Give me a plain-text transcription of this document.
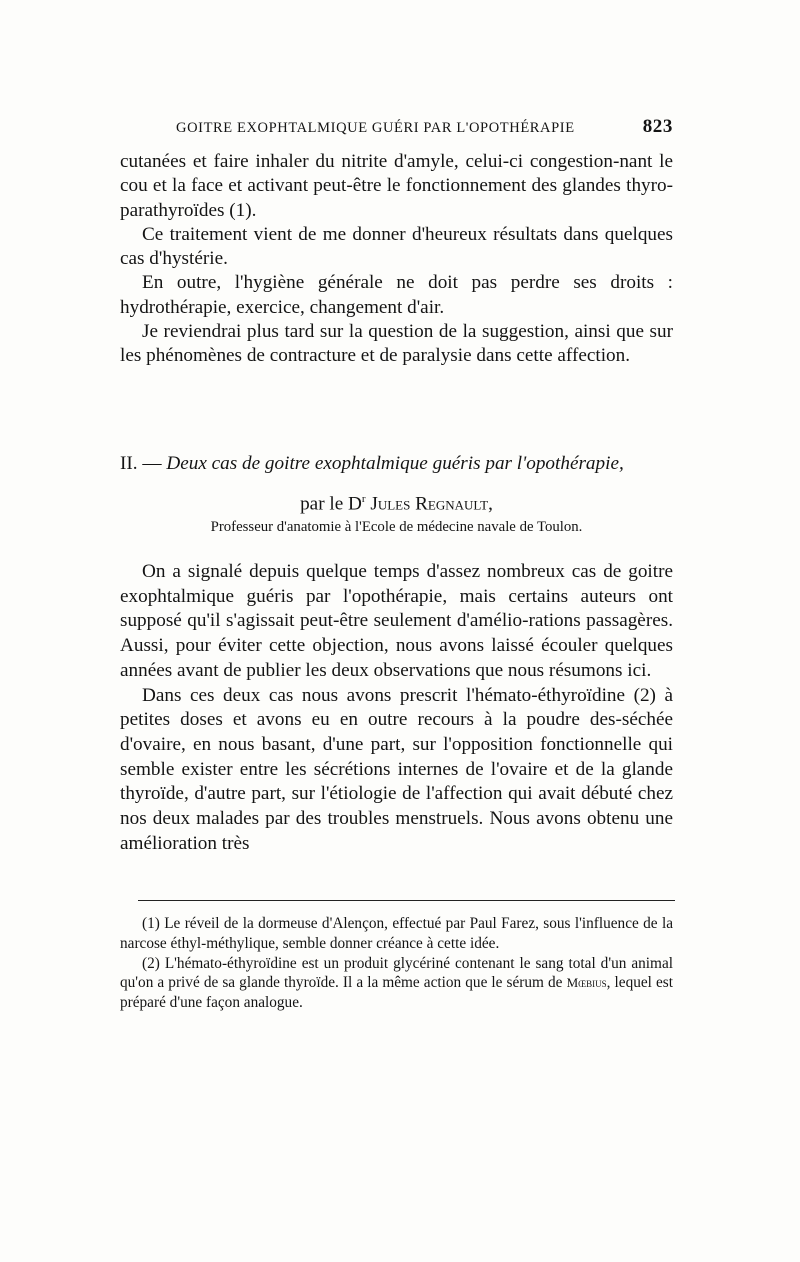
GOITRE EXOPHTALMIQUE GUÉRI PAR L'OPOTHÉRAPIE	823

cutanées et faire inhaler du nitrite d'amyle, celui-ci congestion-nant le cou et la face et activant peut-être le fonctionnement des glandes thyro-parathyroïdes (1).

Ce traitement vient de me donner d'heureux résultats dans quelques cas d'hystérie.

En outre, l'hygiène générale ne doit pas perdre ses droits : hydrothérapie, exercice, changement d'air.

Je reviendrai plus tard sur la question de la suggestion, ainsi que sur les phénomènes de contracture et de paralysie dans cette affection.

II. — Deux cas de goitre exophtalmique guéris par l'opothérapie,
par le $D^r$ Jules Regnault,
Professeur d'anatomie à l'Ecole de médecine navale de Toulon.

On a signalé depuis quelque temps d'assez nombreux cas de goitre exophtalmique guéris par l'opothérapie, mais certains auteurs ont supposé qu'il s'agissait peut-être seulement d'amélio-rations passagères. Aussi, pour éviter cette objection, nous avons laissé écouler quelques années avant de publier les deux observations que nous résumons ici.

Dans ces deux cas nous avons prescrit l'hémato-éthyroïdine (2) à petites doses et avons eu en outre recours à la poudre des-séchée d'ovaire, en nous basant, d'une part, sur l'opposition fonctionnelle qui semble exister entre les sécrétions internes de l'ovaire et de la glande thyroïde, d'autre part, sur l'étiologie de l'affection qui avait débuté chez nos deux malades par des troubles menstruels. Nous avons obtenu une amélioration très

(1) Le réveil de la dormeuse d'Alençon, effectué par Paul Farez, sous l'influence de la narcose éthyl-méthylique, semble donner créance à cette idée.

(2) L'hémato-éthyroïdine est un produit glycériné contenant le sang total d'un animal qu'on a privé de sa glande thyroïde. Il a la même action que le sérum de Mœbius, lequel est préparé d'une façon analogue.
